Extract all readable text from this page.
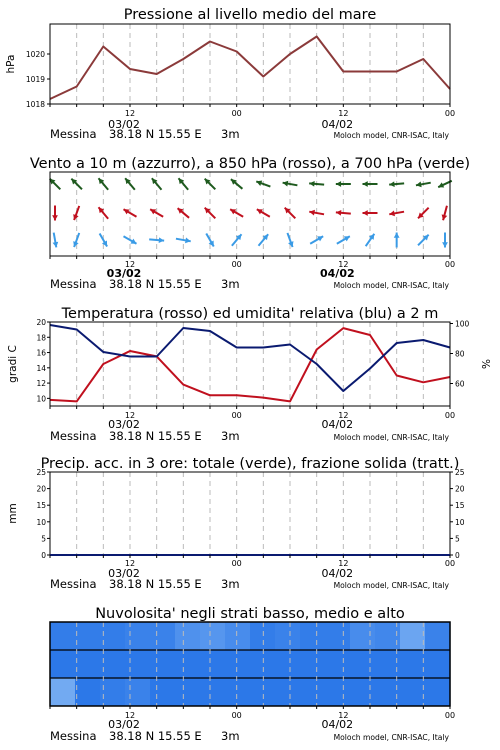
Pressione al livello medio del mare
1018
1019
1020
hPa
12	00	12	00
03/02	04/02
Messina 38.18 N 15.55 E 3m	Moloch model, CNR-ISAC, Italy
Vento a 10 m (azzurro), a 850 hPa (rosso), a 700 hPa (verde)
12	00	12	00
03/02	04/02
Messina 38.18 N 15.55 E 3m	Moloch model, CNR-ISAC, Italy
Temperatura (rosso) ed umidita' relativa (blu) a 2 m
10
12
14
16
18
20
60
80
100
gradi C	%
12	00	12	00
03/02	04/02
Messina 38.18 N 15.55 E 3m	Moloch model, CNR-ISAC, Italy
Precip. acc. in 3 ore: totale (verde), frazione solida (tratt.)
0	0
5	5
10	10
15	15
20	20
25	25
mm
12	00	12	00
03/02	04/02
Messina 38.18 N 15.55 E 3m	Moloch model, CNR-ISAC, Italy
Nuvolosita' negli strati basso, medio e alto
12	00	12	00
03/02	04/02
Messina 38.18 N 15.55 E 3m	Moloch model, CNR-ISAC, Italy
